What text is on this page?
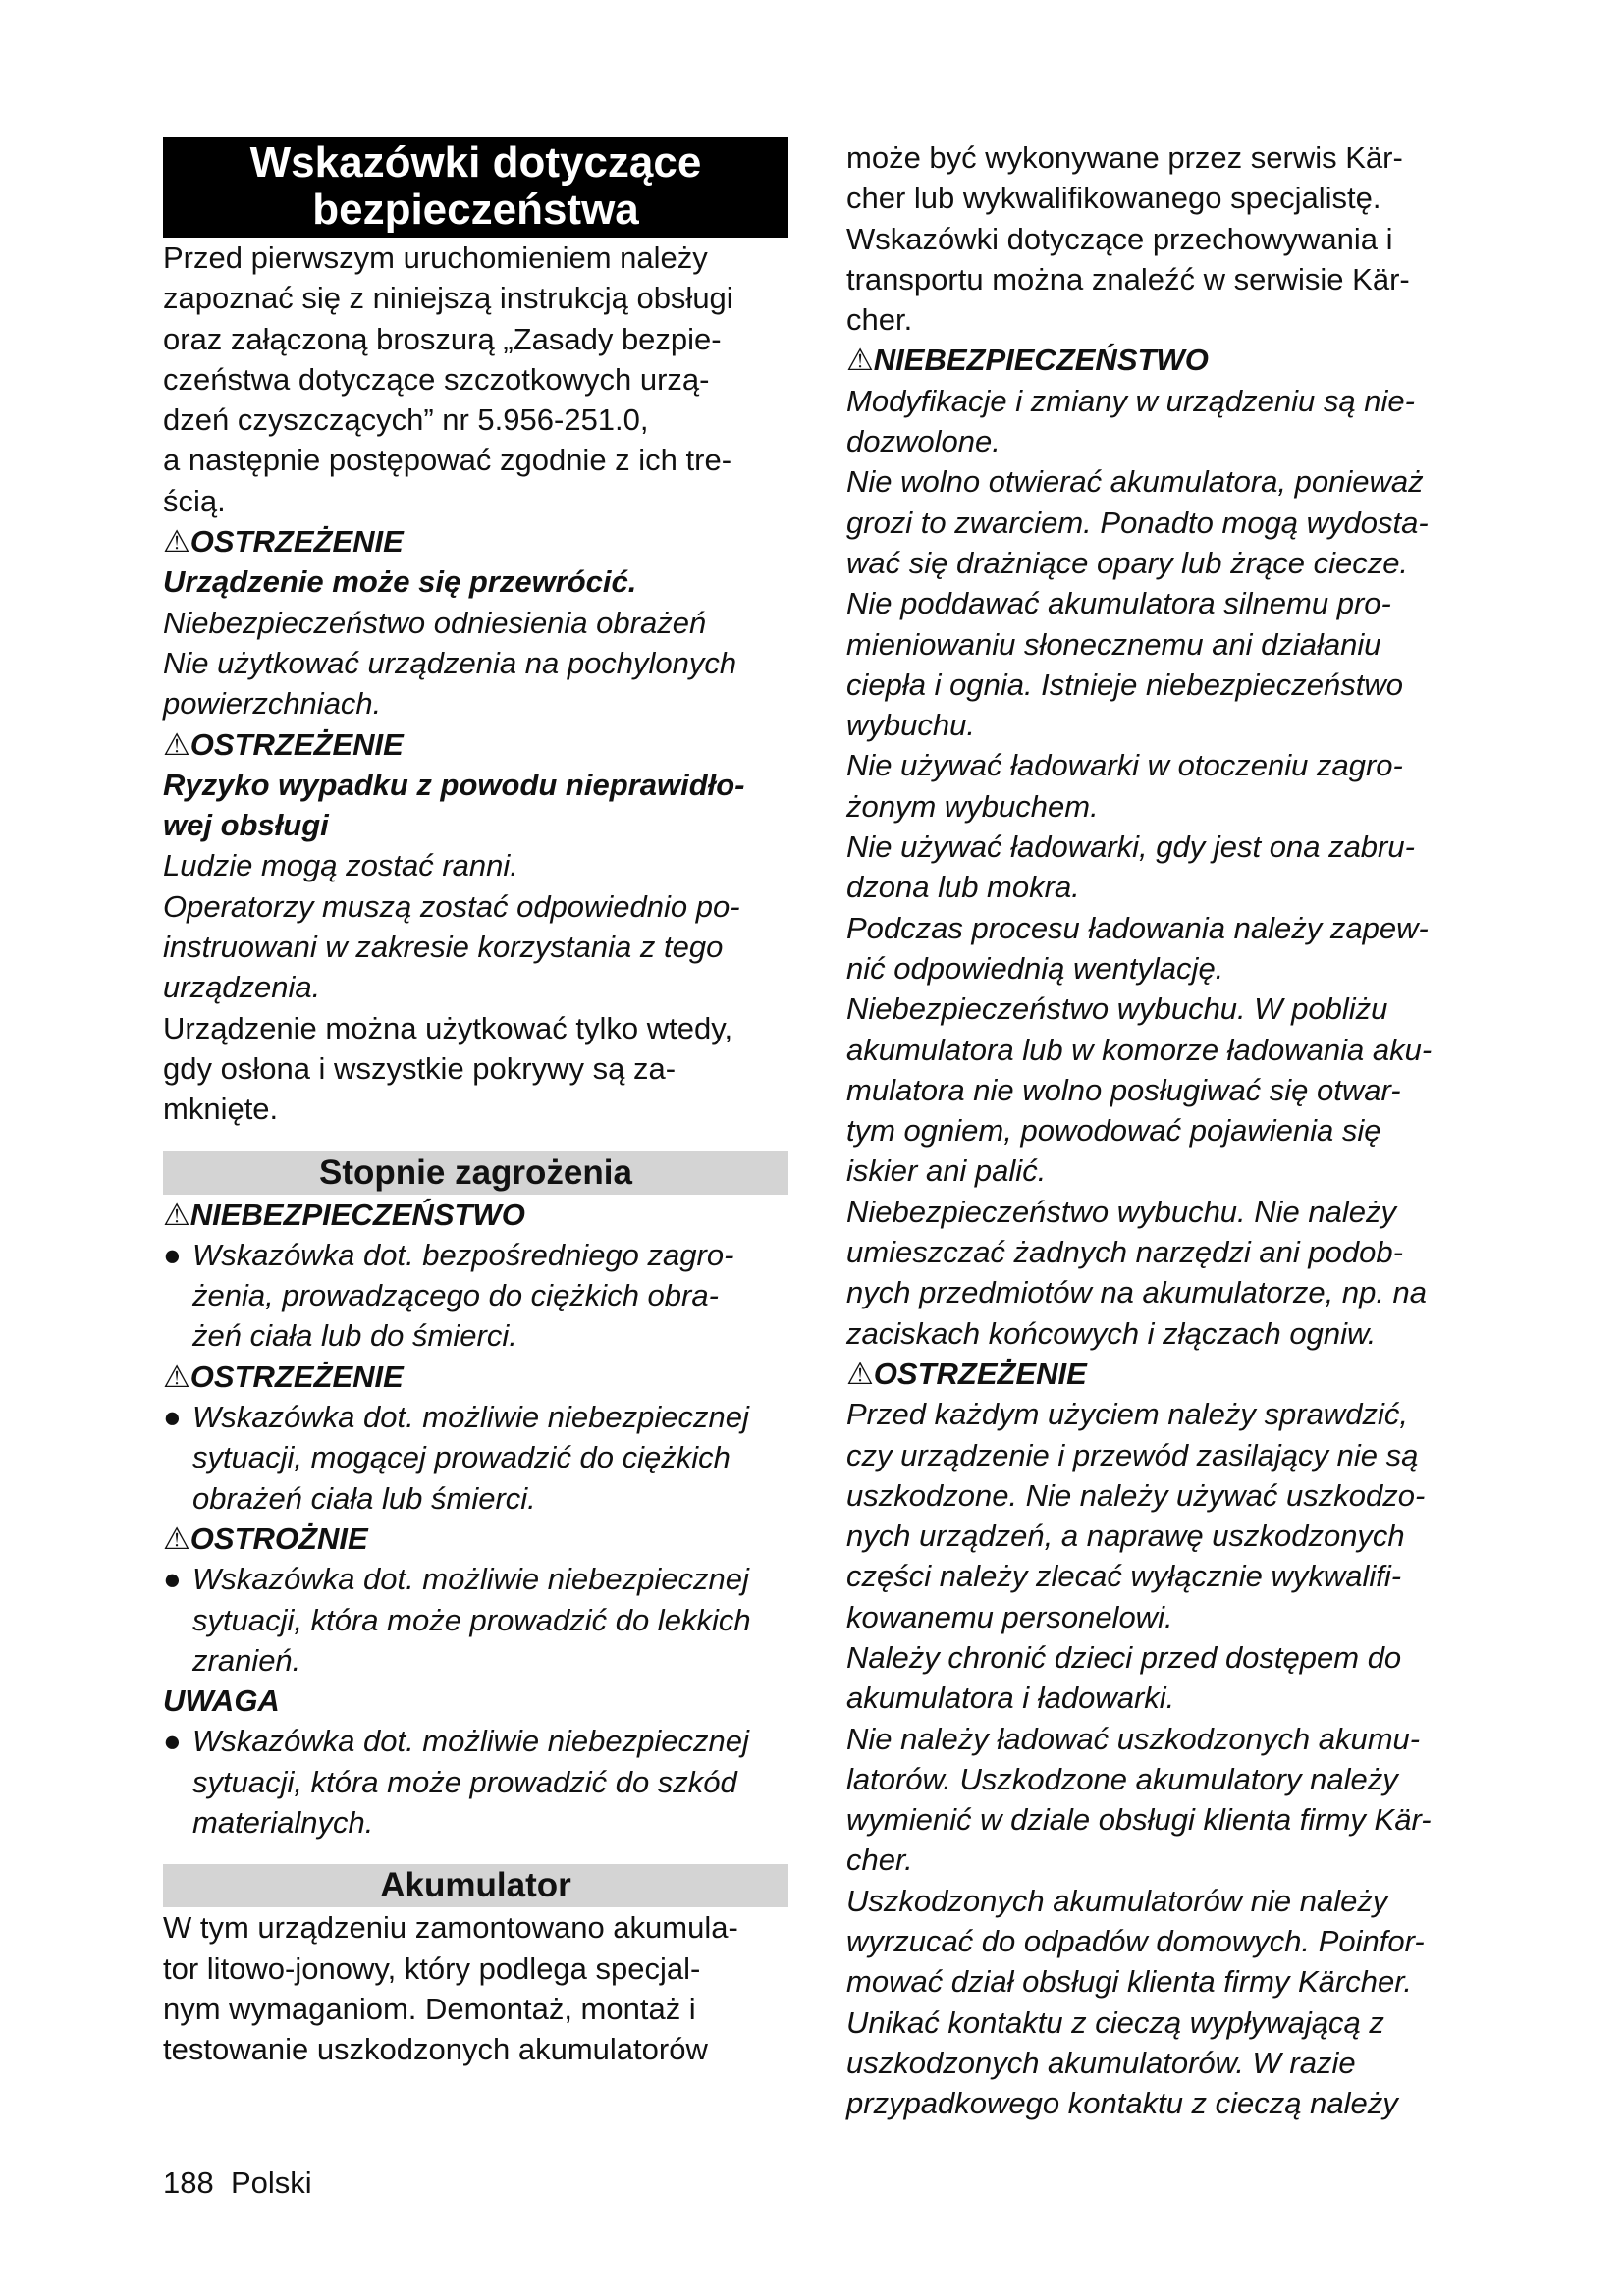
Wskazówki dotyczące
bezpieczeństwa
Przed pierwszym uruchomieniem należy
zapoznać się z niniejszą instrukcją obsługi
oraz załączoną broszurą „Zasady bezpie-
czeństwa dotyczące szczotkowych urzą-
dzeń czyszczących” nr 5.956-251.0,
a następnie postępować zgodnie z ich tre-
ścią.
⚠OSTRZEŻENIE
Urządzenie może się przewrócić.
Niebezpieczeństwo odniesienia obrażeń
Nie użytkować urządzenia na pochylonych
powierzchniach.
⚠OSTRZEŻENIE
Ryzyko wypadku z powodu nieprawidło-
wej obsługi
Ludzie mogą zostać ranni.
Operatorzy muszą zostać odpowiednio po-
instruowani w zakresie korzystania z tego
urządzenia.
Urządzenie można użytkować tylko wtedy,
gdy osłona i wszystkie pokrywy są za-
mknięte.
Stopnie zagrożenia
⚠NIEBEZPIECZEŃSTWO
● Wskazówka dot. bezpośredniego zagro-
żenia, prowadzącego do ciężkich obra-
żeń ciała lub do śmierci.
⚠OSTRZEŻENIE
● Wskazówka dot. możliwie niebezpiecznej
sytuacji, mogącej prowadzić do ciężkich
obrażeń ciała lub śmierci.
⚠OSTROŻNIE
● Wskazówka dot. możliwie niebezpiecznej
sytuacji, która może prowadzić do lekkich
zranień.
UWAGA
● Wskazówka dot. możliwie niebezpiecznej
sytuacji, która może prowadzić do szkód
materialnych.
Akumulator
W tym urządzeniu zamontowano akumula-
tor litowo-jonowy, który podlega specjal-
nym wymaganiom. Demontaż, montaż i
testowanie uszkodzonych akumulatorów
może być wykonywane przez serwis Kär-
cher lub wykwalifikowanego specjalistę.
Wskazówki dotyczące przechowywania i
transportu można znaleźć w serwisie Kär-
cher.
⚠NIEBEZPIECZEŃSTWO
Modyfikacje i zmiany w urządzeniu są nie-
dozwolone.
Nie wolno otwierać akumulatora, ponieważ
grozi to zwarciem. Ponadto mogą wydosta-
wać się drażniące opary lub żrące ciecze.
Nie poddawać akumulatora silnemu pro-
mieniowaniu słonecznemu ani działaniu
ciepła i ognia. Istnieje niebezpieczeństwo
wybuchu.
Nie używać ładowarki w otoczeniu zagro-
żonym wybuchem.
Nie używać ładowarki, gdy jest ona zabru-
dzona lub mokra.
Podczas procesu ładowania należy zapew-
nić odpowiednią wentylację.
Niebezpieczeństwo wybuchu. W pobliżu
akumulatora lub w komorze ładowania aku-
mulatora nie wolno posługiwać się otwar-
tym ogniem, powodować pojawienia się
iskier ani palić.
Niebezpieczeństwo wybuchu. Nie należy
umieszczać żadnych narzędzi ani podob-
nych przedmiotów na akumulatorze, np. na
zaciskach końcowych i złączach ogniw.
⚠OSTRZEŻENIE
Przed każdym użyciem należy sprawdzić,
czy urządzenie i przewód zasilający nie są
uszkodzone. Nie należy używać uszkodzo-
nych urządzeń, a naprawę uszkodzonych
części należy zlecać wyłącznie wykwalifi-
kowanemu personelowi.
Należy chronić dzieci przed dostępem do
akumulatora i ładowarki.
Nie należy ładować uszkodzonych akumu-
latorów. Uszkodzone akumulatory należy
wymienić w dziale obsługi klienta firmy Kär-
cher.
Uszkodzonych akumulatorów nie należy
wyrzucać do odpadów domowych. Poinfor-
mować dział obsługi klienta firmy Kärcher.
Unikać kontaktu z cieczą wypływającą z
uszkodzonych akumulatorów. W razie
przypadkowego kontaktu z cieczą należy
188 Polski
